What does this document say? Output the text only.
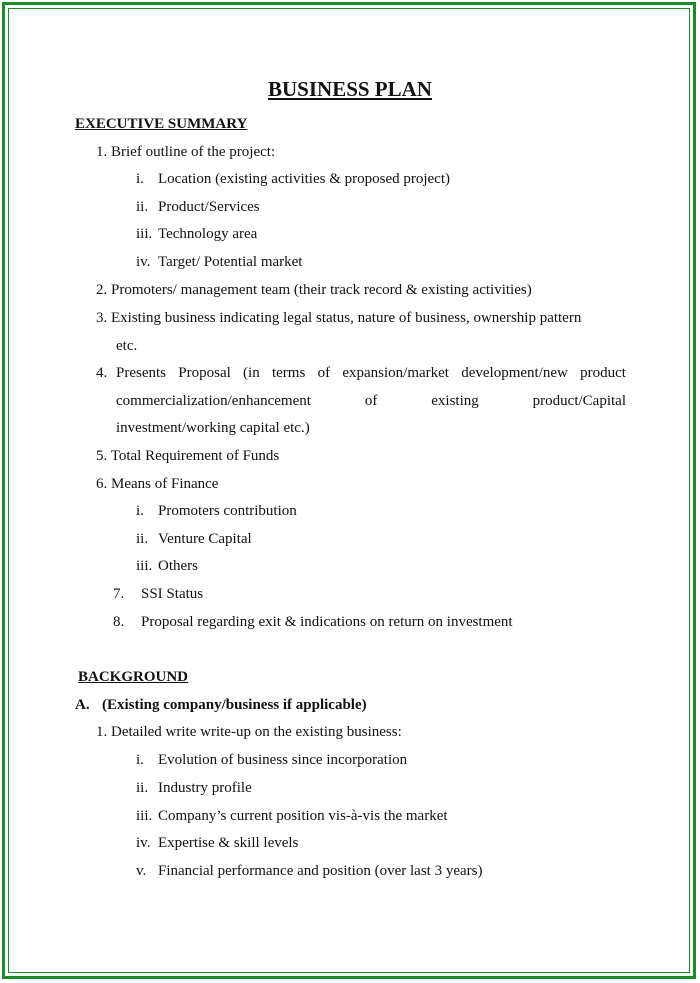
BUSINESS PLAN
EXECUTIVE SUMMARY
1. Brief outline of the project:
i. Location (existing activities & proposed project)
ii. Product/Services
iii. Technology area
iv. Target/ Potential market
2. Promoters/ management team (their track record & existing activities)
3. Existing business indicating legal status, nature of business, ownership pattern
etc.
4. Presents Proposal (in terms of expansion/market development/new product
commercialization/enhancement	of	existing	product/Capital
investment/working capital etc.)
5. Total Requirement of Funds
6. Means of Finance
i. Promoters contribution
ii. Venture Capital
iii. Others
7. SSI Status
8. Proposal regarding exit & indications on return on investment
BACKGROUND
A. (Existing company/business if applicable)
1. Detailed write write-up on the existing business:
i. Evolution of business since incorporation
ii. Industry profile
iii. Company’s current position vis-à-vis the market
iv. Expertise & skill levels
v. Financial performance and position (over last 3 years)
